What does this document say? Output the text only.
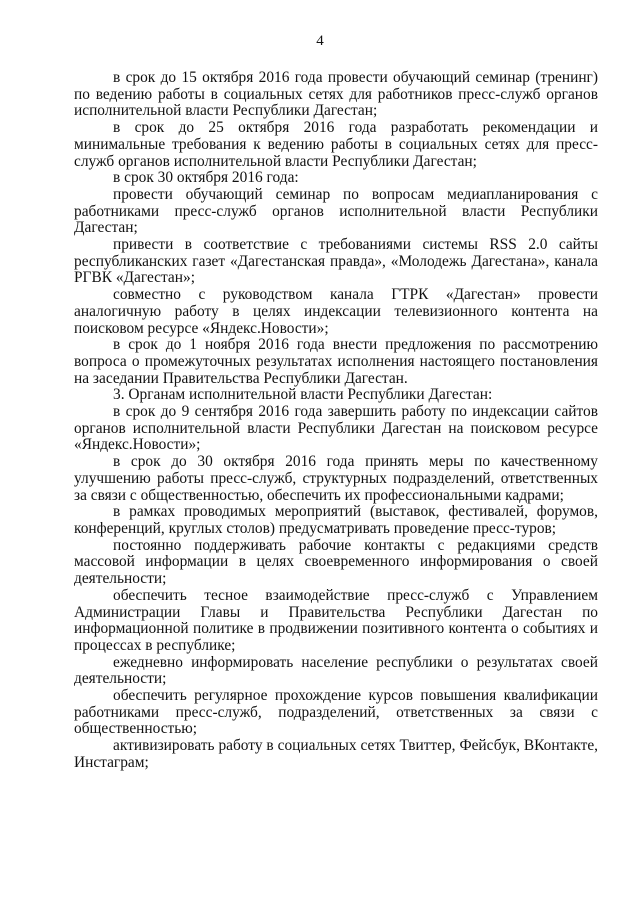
4

в срок до 15 октября 2016 года провести обучающий семинар (тренинг) по ведению работы в социальных сетях для работников пресс-служб органов исполнительной власти Республики Дагестан;

в срок до 25 октября 2016 года разработать рекомендации и минимальные требования к ведению работы в социальных сетях для пресс-служб органов исполнительной власти Республики Дагестан;

в срок 30 октября 2016 года:

провести обучающий семинар по вопросам медиапланирования с работниками пресс-служб органов исполнительной власти Республики Дагестан;

привести в соответствие с требованиями системы RSS 2.0 сайты республиканских газет «Дагестанская правда», «Молодежь Дагестана», канала РГВК «Дагестан»;

совместно с руководством канала ГТРК «Дагестан» провести аналогичную работу в целях индексации телевизионного контента на поисковом ресурсе «Яндекс.Новости»;

в срок до 1 ноября 2016 года внести предложения по рассмотрению вопроса о промежуточных результатах исполнения настоящего постановления на заседании Правительства Республики Дагестан.

3. Органам исполнительной власти Республики Дагестан:

в срок до 9 сентября 2016 года завершить работу по индексации сайтов органов исполнительной власти Республики Дагестан на поисковом ресурсе «Яндекс.Новости»;

в срок до 30 октября 2016 года принять меры по качественному улучшению работы пресс-служб, структурных подразделений, ответственных за связи с общественностью, обеспечить их профессиональными кадрами;

в рамках проводимых мероприятий (выставок, фестивалей, форумов, конференций, круглых столов) предусматривать проведение пресс-туров;

постоянно поддерживать рабочие контакты с редакциями средств массовой информации в целях своевременного информирования о своей деятельности;

обеспечить тесное взаимодействие пресс-служб с Управлением Администрации Главы и Правительства Республики Дагестан по информационной политике в продвижении позитивного контента о событиях и процессах в республике;

ежедневно информировать население республики о результатах своей деятельности;

обеспечить регулярное прохождение курсов повышения квалификации работниками пресс-служб, подразделений, ответственных за связи с общественностью;

активизировать работу в социальных сетях Твиттер, Фейсбук, ВКонтакте, Инстаграм;
